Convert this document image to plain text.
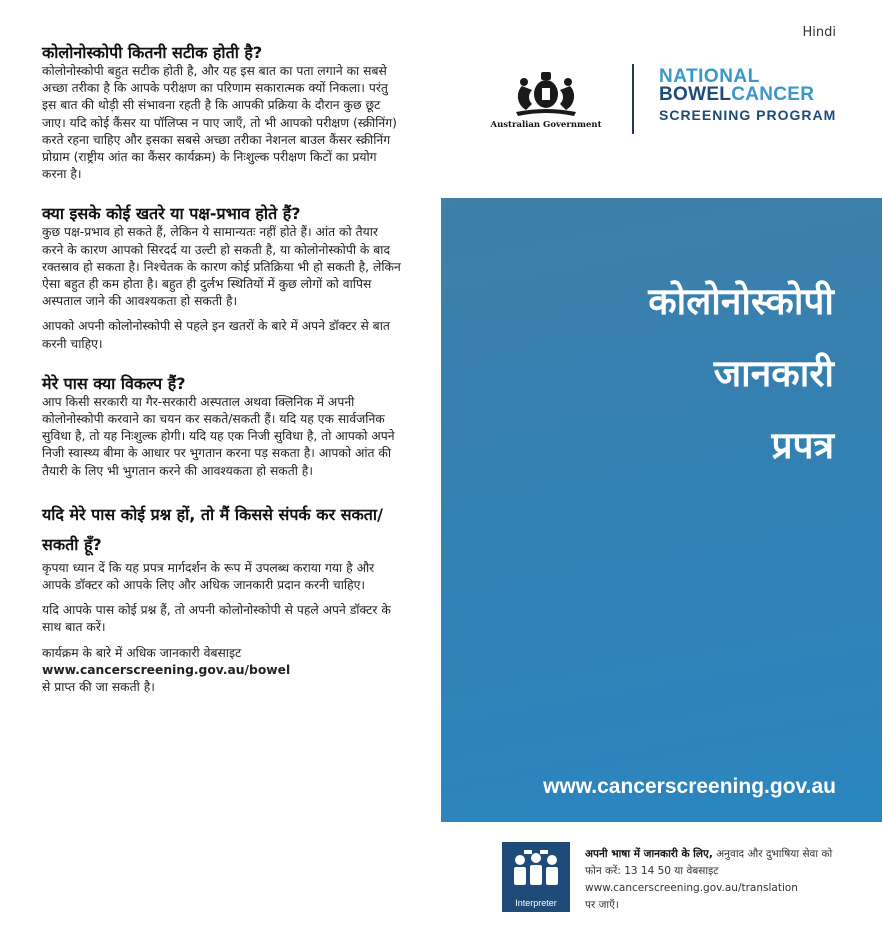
Hindi
Australian Government
NATIONAL
BOWELCANCER
SCREENING PROGRAM
कोलोनोस्कोपी कितनी सटीक होती है?

कोलोनोस्कोपी बहुत सटीक होती है, और यह इस बात का पता लगाने का सबसे अच्छा तरीका है कि आपके परीक्षण का परिणाम सकारात्मक क्यों निकला। परंतु इस बात की थोड़ी सी संभावना रहती है कि आपकी प्रक्रिया के दौरान कुछ छूट जाए। यदि कोई कैंसर या पॉलिप्स न पाए जाएँ, तो भी आपको परीक्षण (स्क्रीनिंग) करते रहना चाहिए और इसका सबसे अच्छा तरीका नेशनल बाउल कैंसर स्क्रीनिंग प्रोग्राम (राष्ट्रीय आंत का कैंसर कार्यक्रम) के निःशुल्क परीक्षण किटों का प्रयोग करना है।

क्या इसके कोई खतरे या पक्ष-प्रभाव होते हैं?

कुछ पक्ष-प्रभाव हो सकते हैं, लेकिन ये सामान्यतः नहीं होते हैं। आंत को तैयार करने के कारण आपको सिरदर्द या उल्टी हो सकती है, या कोलोनोस्कोपी के बाद रक्तस्राव हो सकता है। निश्चेतक के कारण कोई प्रतिक्रिया भी हो सकती है, लेकिन ऐसा बहुत ही कम होता है। बहुत ही दुर्लभ स्थितियों में कुछ लोगों को वापिस अस्पताल जाने की आवश्यकता हो सकती है।

आपको अपनी कोलोनोस्कोपी से पहले इन खतरों के बारे में अपने डॉक्टर से बात करनी चाहिए।

मेरे पास क्या विकल्प हैं?

आप किसी सरकारी या गैर-सरकारी अस्पताल अथवा क्लिनिक में अपनी कोलोनोस्कोपी करवाने का चयन कर सकते/सकती हैं। यदि यह एक सार्वजनिक सुविधा है, तो यह निःशुल्क होगी। यदि यह एक निजी सुविधा है, तो आपको अपने निजी स्वास्थ्य बीमा के आधार पर भुगतान करना पड़ सकता है। आपको आंत की तैयारी के लिए भी भुगतान करने की आवश्यकता हो सकती है।

यदि मेरे पास कोई प्रश्न हों, तो मैं किससे संपर्क कर सकता/सकती हूँ?

कृपया ध्यान दें कि यह प्रपत्र मार्गदर्शन के रूप में उपलब्ध कराया गया है और आपके डॉक्टर को आपके लिए और अधिक जानकारी प्रदान करनी चाहिए।

यदि आपके पास कोई प्रश्न हैं, तो अपनी कोलोनोस्कोपी से पहले अपने डॉक्टर के साथ बात करें।

कार्यक्रम के बारे में अधिक जानकारी वेबसाइट
www.cancerscreening.gov.au/bowel
से प्राप्त की जा सकती है।

कोलोनोस्कोपी
जानकारी
प्रपत्र
www.cancerscreening.gov.au
Interpreter
अपनी भाषा में जानकारी के लिए, अनुवाद और दुभाषिया सेवा को फोन करें: 13 14 50 या वेबसाइट
www.cancerscreening.gov.au/translation
पर जाएँ।
